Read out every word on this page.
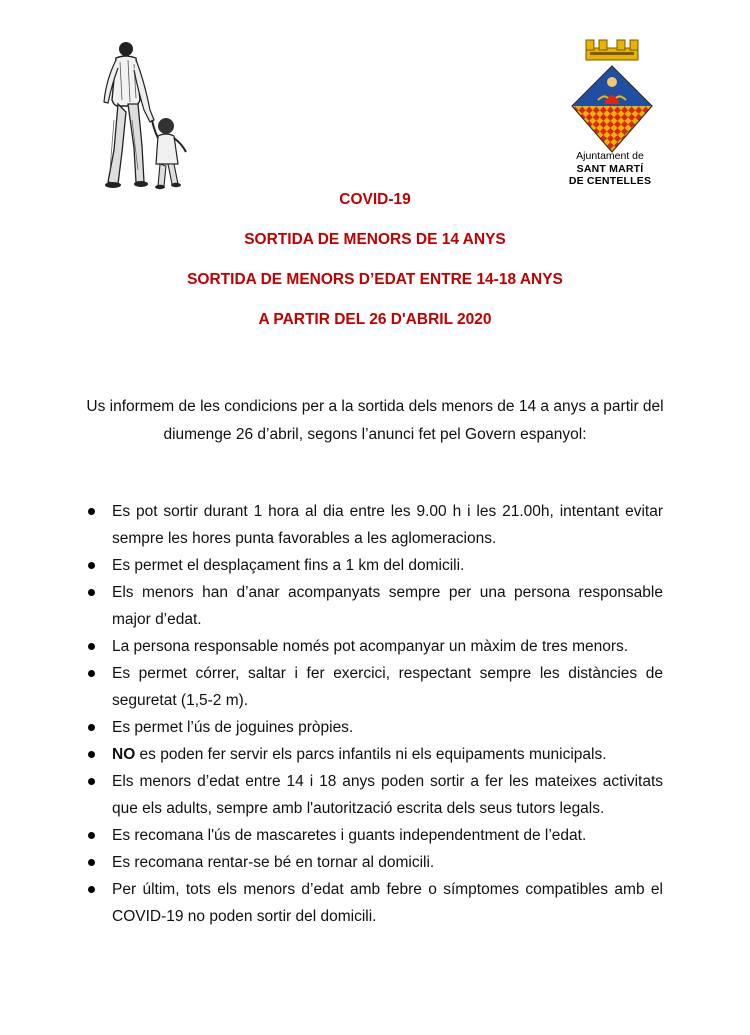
Ajuntament de
SANT MARTÍ
DE CENTELLES
COVID-19
SORTIDA DE MENORS DE 14 ANYS
SORTIDA DE MENORS D’EDAT ENTRE 14-18 ANYS
A PARTIR DEL 26 D'ABRIL 2020
Us informem de les condicions per a la sortida dels menors de 14 a anys a partir del diumenge 26 d’abril, segons l’anunci fet pel Govern espanyol:
Es pot sortir durant 1 hora al dia entre les 9.00 h i les 21.00h, intentant evitar sempre les hores punta favorables a les aglomeracions.
Es permet el desplaçament fins a 1 km del domicili.
Els menors han d’anar acompanyats sempre per una persona responsable major d’edat.
La persona responsable només pot acompanyar un màxim de tres menors.
Es permet córrer, saltar i fer exercici, respectant sempre les distàncies de seguretat (1,5-2 m).
Es permet l’ús de joguines pròpies.
NO es poden fer servir els parcs infantils ni els equipaments municipals.
Els menors d’edat entre 14 i 18 anys poden sortir a fer les mateixes activitats que els adults, sempre amb l'autorització escrita dels seus tutors legals.
Es recomana l'ús de mascaretes i guants independentment de l’edat.
Es recomana rentar-se bé en tornar al domicili.
Per últim, tots els menors d’edat amb febre o símptomes compatibles amb el COVID-19 no poden sortir del domicili.
